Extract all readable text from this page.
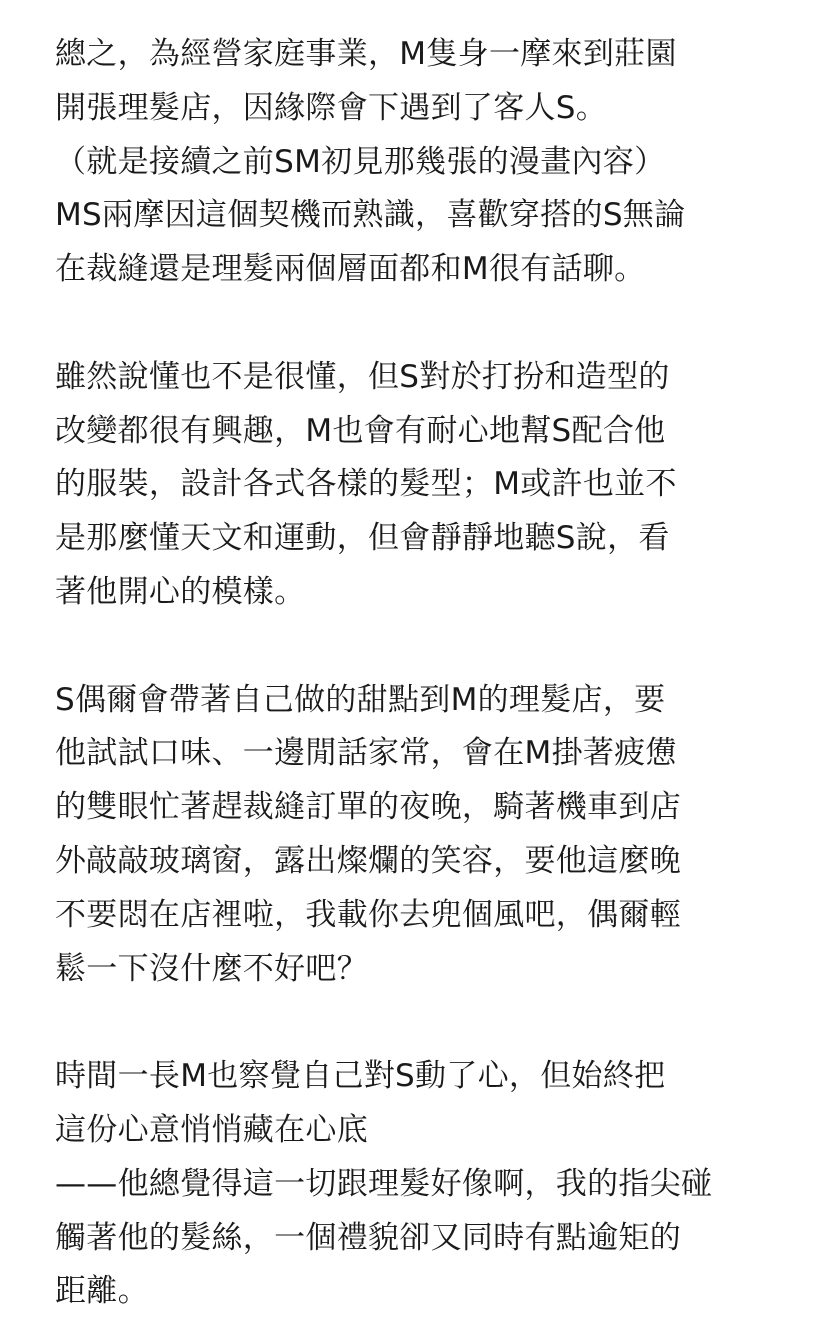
總之，為經營家庭事業，M隻身一摩來到莊園
開張理髮店，因緣際會下遇到了客人S。
（就是接續之前SM初見那幾張的漫畫內容）
MS兩摩因這個契機而熟識，喜歡穿搭的S無論
在裁縫還是理髮兩個層面都和M很有話聊。

雖然說懂也不是很懂，但S對於打扮和造型的
改變都很有興趣，M也會有耐心地幫S配合他
的服裝，設計各式各樣的髮型；M或許也並不
是那麼懂天文和運動，但會靜靜地聽S說，看
著他開心的模樣。

S偶爾會帶著自己做的甜點到M的理髮店，要
他試試口味、一邊閒話家常，會在M掛著疲憊
的雙眼忙著趕裁縫訂單的夜晚，騎著機車到店
外敲敲玻璃窗，露出燦爛的笑容，要他這麼晚
不要悶在店裡啦，我載你去兜個風吧，偶爾輕
鬆一下沒什麼不好吧？

時間一長M也察覺自己對S動了心，但始終把
這份心意悄悄藏在心底
——他總覺得這一切跟理髮好像啊，我的指尖碰
觸著他的髮絲，一個禮貌卻又同時有點逾矩的
距離。
